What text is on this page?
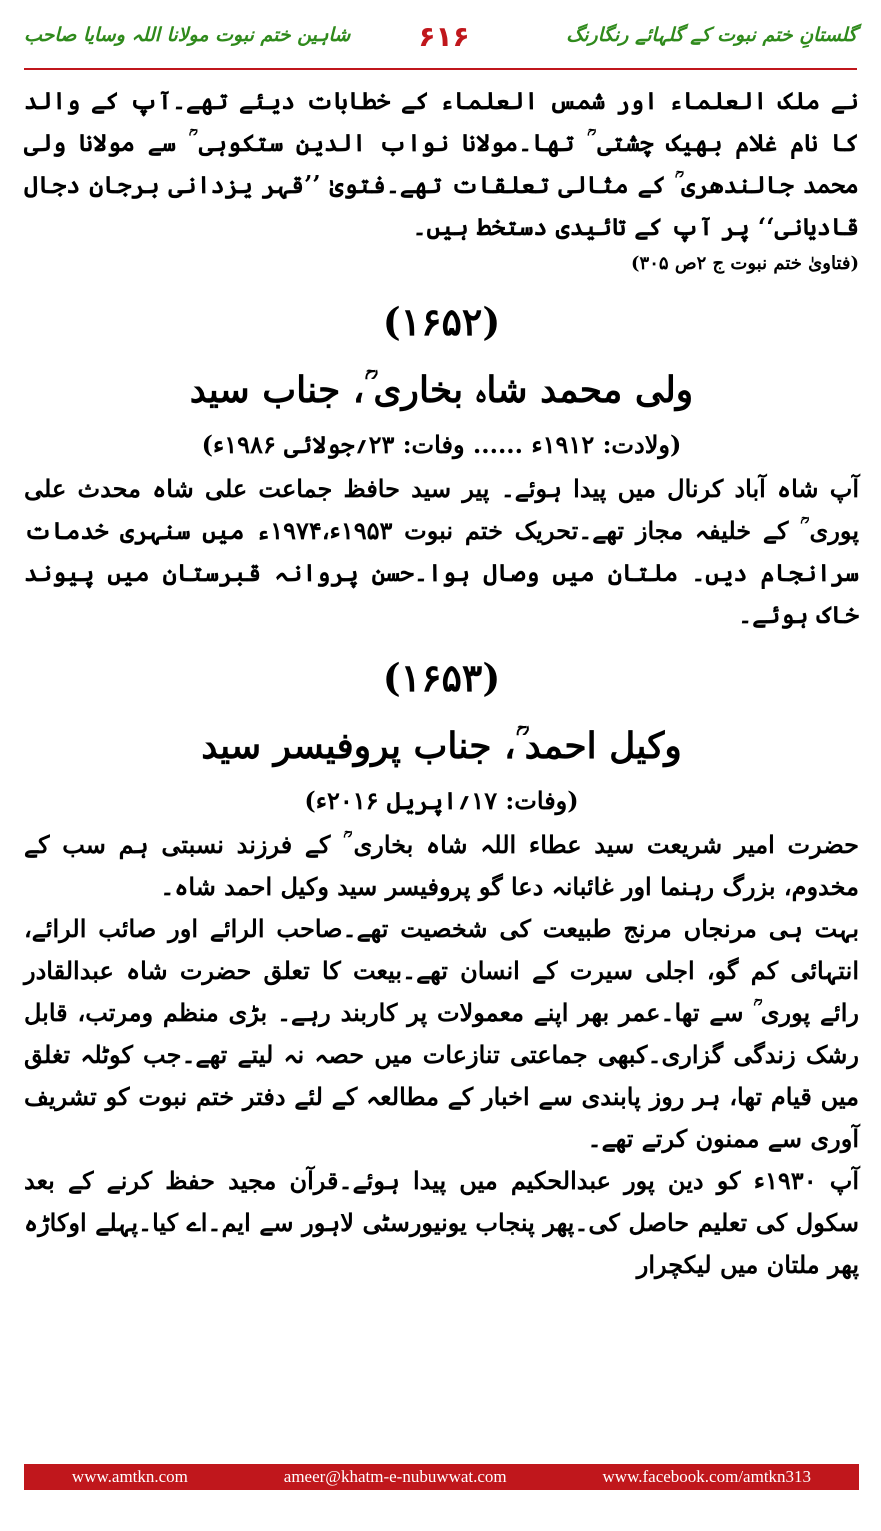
گلستانِ ختم نبوت کے گلہائے رنگارنگ
۶۱۶
شاہین ختم نبوت مولانا اللہ وسایا صاحب

نے ملک العلماء اور شمس العلماء کے خطابات دیئے تھے۔آپ کے والد کا نام غلام بھیک چشتی ؒ تھا۔مولانا نواب الدین ستکوہی ؒ سے مولانا ولی محمد جالندھری ؒ کے مثالی تعلقات تھے۔فتویٰ ’’قہر یزدانی برجان دجال قادیانی‘‘ پر آپ کے تائیدی دستخط ہیں۔

(فتاویٰ ختم نبوت ج ۲ص ۳۰۵)

(۱۶۵۲)
ولی محمد شاہ بخاری ؒ، جناب سید
(ولادت: ۱۹۱۲ء ...... وفات: ۲۳؍جولائی ۱۹۸۶ء)

آپ شاہ آباد کرنال میں پیدا ہوئے۔ پیر سید حافظ جماعت علی شاہ محدث علی پوری ؒ کے خلیفہ مجاز تھے۔تحریک ختم نبوت ۱۹۵۳ء،۱۹۷۴ء میں سنہری خدمات سرانجام دیں۔ ملتان میں وصال ہوا۔حسن پروانہ قبرستان میں پیوند خاک ہوئے۔

(۱۶۵۳)
وکیل احمد ؒ، جناب پروفیسر سید
(وفات: ۱۷؍اپریل ۲۰۱۶ء)

حضرت امیر شریعت سید عطاء اللہ شاہ بخاری ؒ کے فرزند نسبتی ہم سب کے مخدوم، بزرگ رہنما اور غائبانہ دعا گو پروفیسر سید وکیل احمد شاہ۔

بہت ہی مرنجاں مرنج طبیعت کی شخصیت تھے۔صاحب الرائے اور صائب الرائے، انتہائی کم گو، اجلی سیرت کے انسان تھے۔بیعت کا تعلق حضرت شاہ عبدالقادر رائے پوری ؒ سے تھا۔عمر بھر اپنے معمولات پر کاربند رہے۔ بڑی منظم ومرتب، قابل رشک زندگی گزاری۔کبھی جماعتی تنازعات میں حصہ نہ لیتے تھے۔جب کوٹلہ تغلق میں قیام تھا، ہر روز پابندی سے اخبار کے مطالعہ کے لئے دفتر ختم نبوت کو تشریف آوری سے ممنون کرتے تھے۔

آپ ۱۹۳۰ء کو دین پور عبدالحکیم میں پیدا ہوئے۔قرآن مجید حفظ کرنے کے بعد سکول کی تعلیم حاصل کی۔پھر پنجاب یونیورسٹی لاہور سے ایم۔اے کیا۔پہلے اوکاڑہ پھر ملتان میں لیکچرار

www.amtkn.com	ameer@khatm-e-nubuwwat.com	www.facebook.com/amtkn313
